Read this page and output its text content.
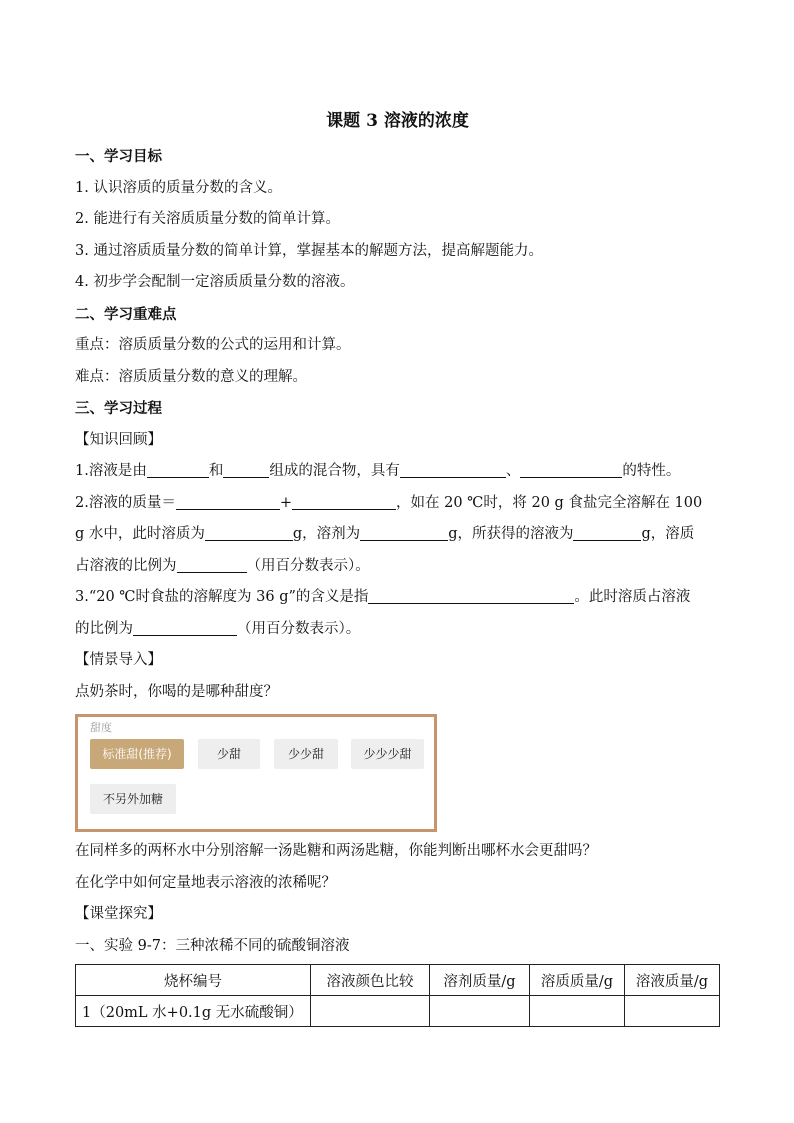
课题 3 溶液的浓度
一、学习目标
1. 认识溶质的质量分数的含义。
2. 能进行有关溶质质量分数的简单计算。
3. 通过溶质质量分数的简单计算，掌握基本的解题方法，提高解题能力。
4. 初步学会配制一定溶质质量分数的溶液。
二、学习重难点
重点：溶质质量分数的公式的运用和计算。
难点：溶质质量分数的意义的理解。
三、学习过程
【知识回顾】
1.溶液是由	和	组成的混合物，具有	、	的特性。
2.溶液的质量＝	+	，如在 20 ℃时，将 20 g 食盐完全溶解在 100
g 水中，此时溶质为	g，溶剂为	g，所获得的溶液为	g，溶质
占溶液的比例为	（用百分数表示）。
3.“20 ℃时食盐的溶解度为 36 g”的含义是指	。此时溶质占溶液
的比例为	（用百分数表示）。
【情景导入】
点奶茶时，你喝的是哪种甜度？
甜度
标准甜(推荐)	少甜	少少甜	少少少甜
不另外加糖
在同样多的两杯水中分别溶解一汤匙糖和两汤匙糖，你能判断出哪杯水会更甜吗？
在化学中如何定量地表示溶液的浓稀呢？
【课堂探究】
一、实验 9-7：三种浓稀不同的硫酸铜溶液
烧杯编号	溶液颜色比较	溶剂质量/g	溶质质量/g	溶液质量/g
1（20mL 水+0.1g 无水硫酸铜）				
